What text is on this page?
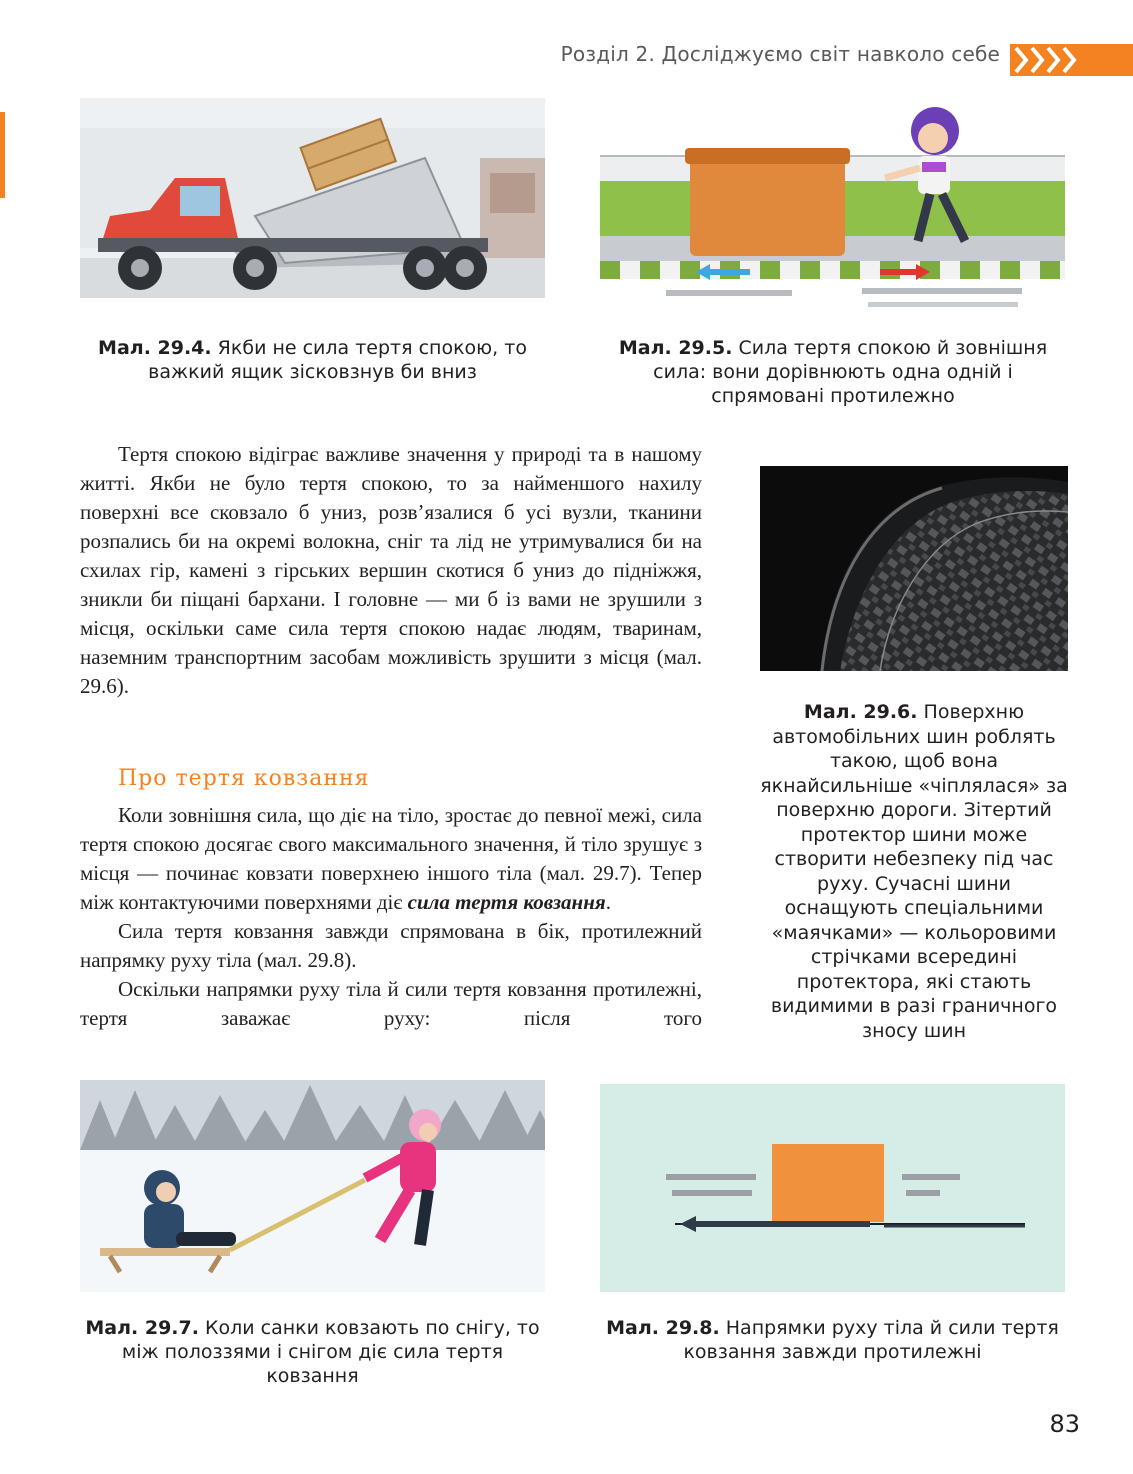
Розділ 2. Досліджуємо світ навколо себе
Мал. 29.4. Якби не сила тертя спокою, то важкий ящик зісковзнув би вниз
Мал. 29.5. Сила тертя спокою й зовнішня сила: вони дорівнюють одна одній і спрямовані протилежно

Тертя спокою відіграє важливе значення у природі та в нашому житті. Якби не було тертя спокою, то за найменшого нахилу поверхні все сковзало б униз, розв’язалися б усі вузли, тканини розпались би на окремі волокна, сніг та лід не утримувалися би на схилах гір, камені з гірських вершин скотися б униз до підніжжя, зникли би піщані бархани. І головне — ми б із вами не зрушили з місця, оскільки саме сила тертя спокою надає людям, тваринам, наземним транспортним засобам можливість зрушити з місця (мал. 29.6).

Про тертя ковзання

Коли зовнішня сила, що діє на тіло, зростає до певної межі, сила тертя спокою досягає свого максимального значення, й тіло зрушує з місця — починає ковзати поверхнею іншого тіла (мал. 29.7). Тепер між контактуючими поверхнями діє сила тертя ковзання.

Сила тертя ковзання завжди спрямована в бік, протилежний напрямку руху тіла (мал. 29.8).

Оскільки напрямки руху тіла й сили тертя ковзання протилежні, тертя заважає руху: після того

Мал. 29.6. Поверхню автомобільних шин роблять такою, щоб вона якнайсильніше «чіплялася» за поверхню дороги. Зітертий протектор шини може створити небезпеку під час руху. Сучасні шини оснащують спеціальними «маячками» — кольоровими стрічками всередині протектора, які стають видимими в разі граничного зносу шин
Мал. 29.7. Коли санки ковзають по снігу, то між полоззями і снігом діє сила тертя ковзання
Мал. 29.8. Напрямки руху тіла й сили тертя ковзання завжди протилежні
83
